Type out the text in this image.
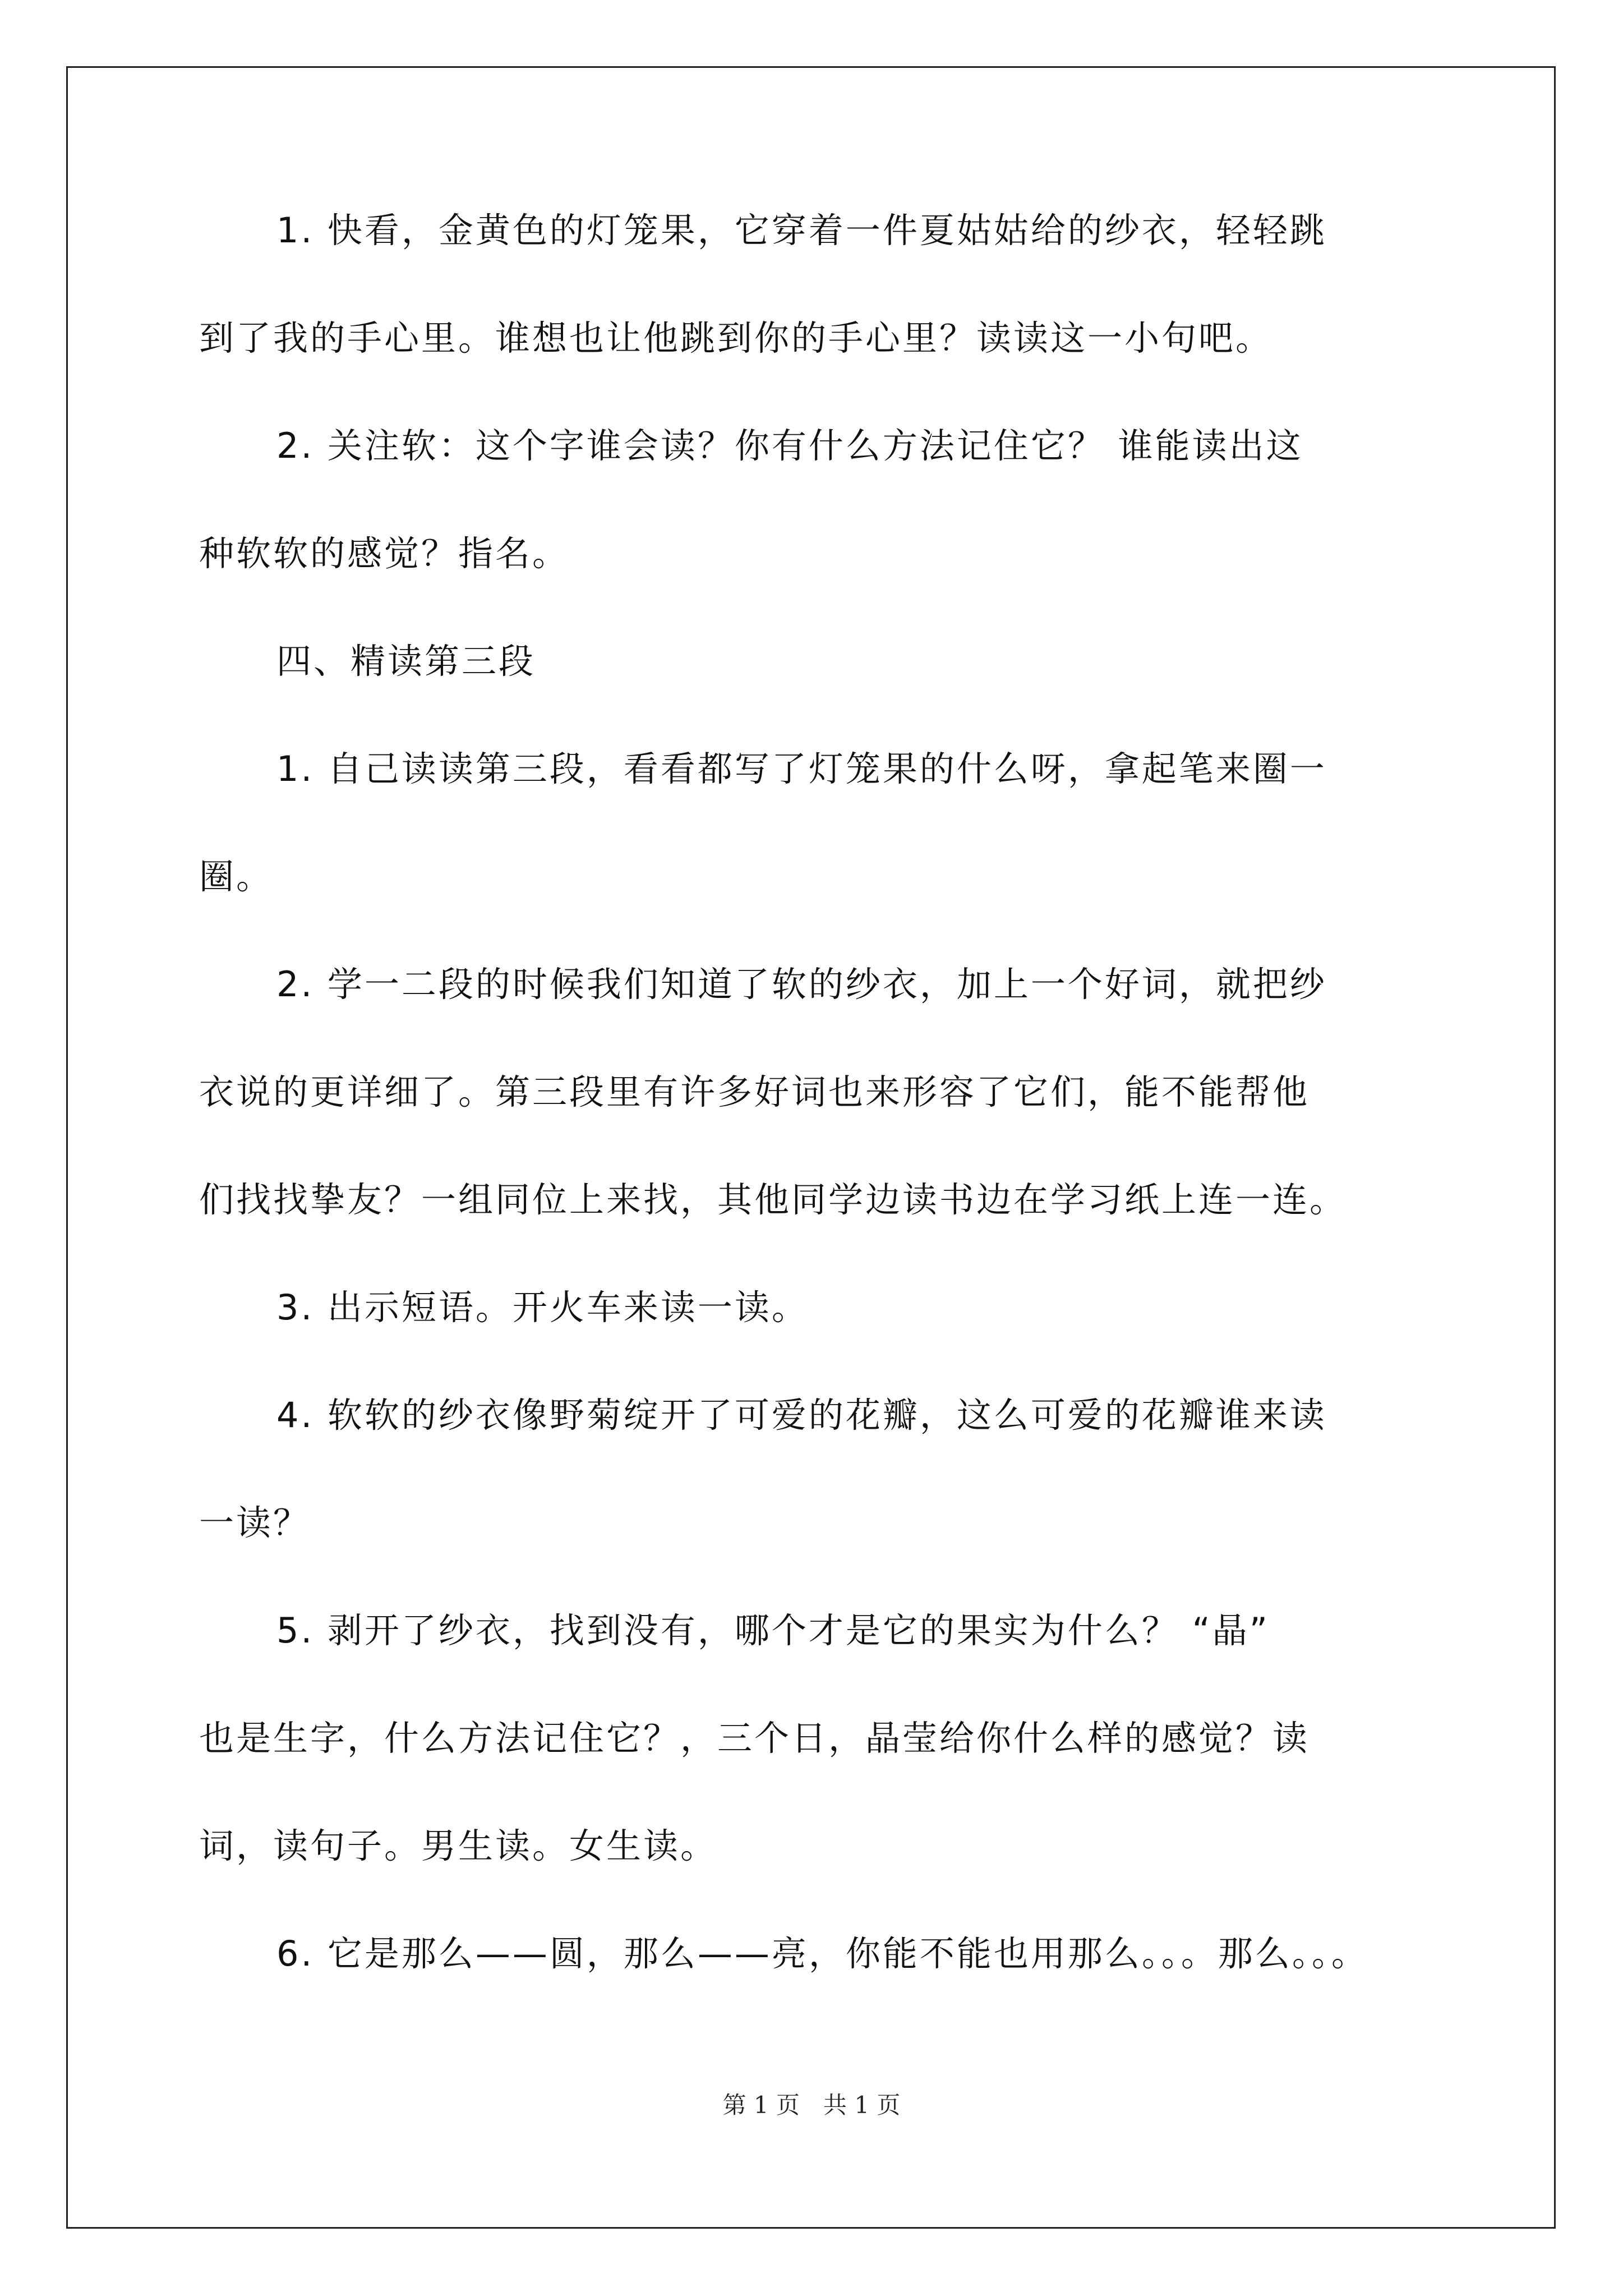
1. 快看，金黄色的灯笼果，它穿着一件夏姑姑给的纱衣，轻轻跳
到了我的手心里。谁想也让他跳到你的手心里？读读这一小句吧。
2. 关注软：这个字谁会读？你有什么方法记住它？ 谁能读出这
种软软的感觉？指名。
四、精读第三段
1. 自己读读第三段，看看都写了灯笼果的什么呀，拿起笔来圈一
圈。
2. 学一二段的时候我们知道了软的纱衣，加上一个好词，就把纱
衣说的更详细了。第三段里有许多好词也来形容了它们，能不能帮他
们找找挚友？一组同位上来找，其他同学边读书边在学习纸上连一连。
3. 出示短语。开火车来读一读。
4. 软软的纱衣像野菊绽开了可爱的花瓣，这么可爱的花瓣谁来读
一读？
5. 剥开了纱衣，找到没有，哪个才是它的果实为什么？ “晶”
也是生字，什么方法记住它？，三个日，晶莹给你什么样的感觉？读
词，读句子。男生读。女生读。
6. 它是那么——圆，那么——亮，你能不能也用那么。。。那么。。。
第 1 页　共 1 页
